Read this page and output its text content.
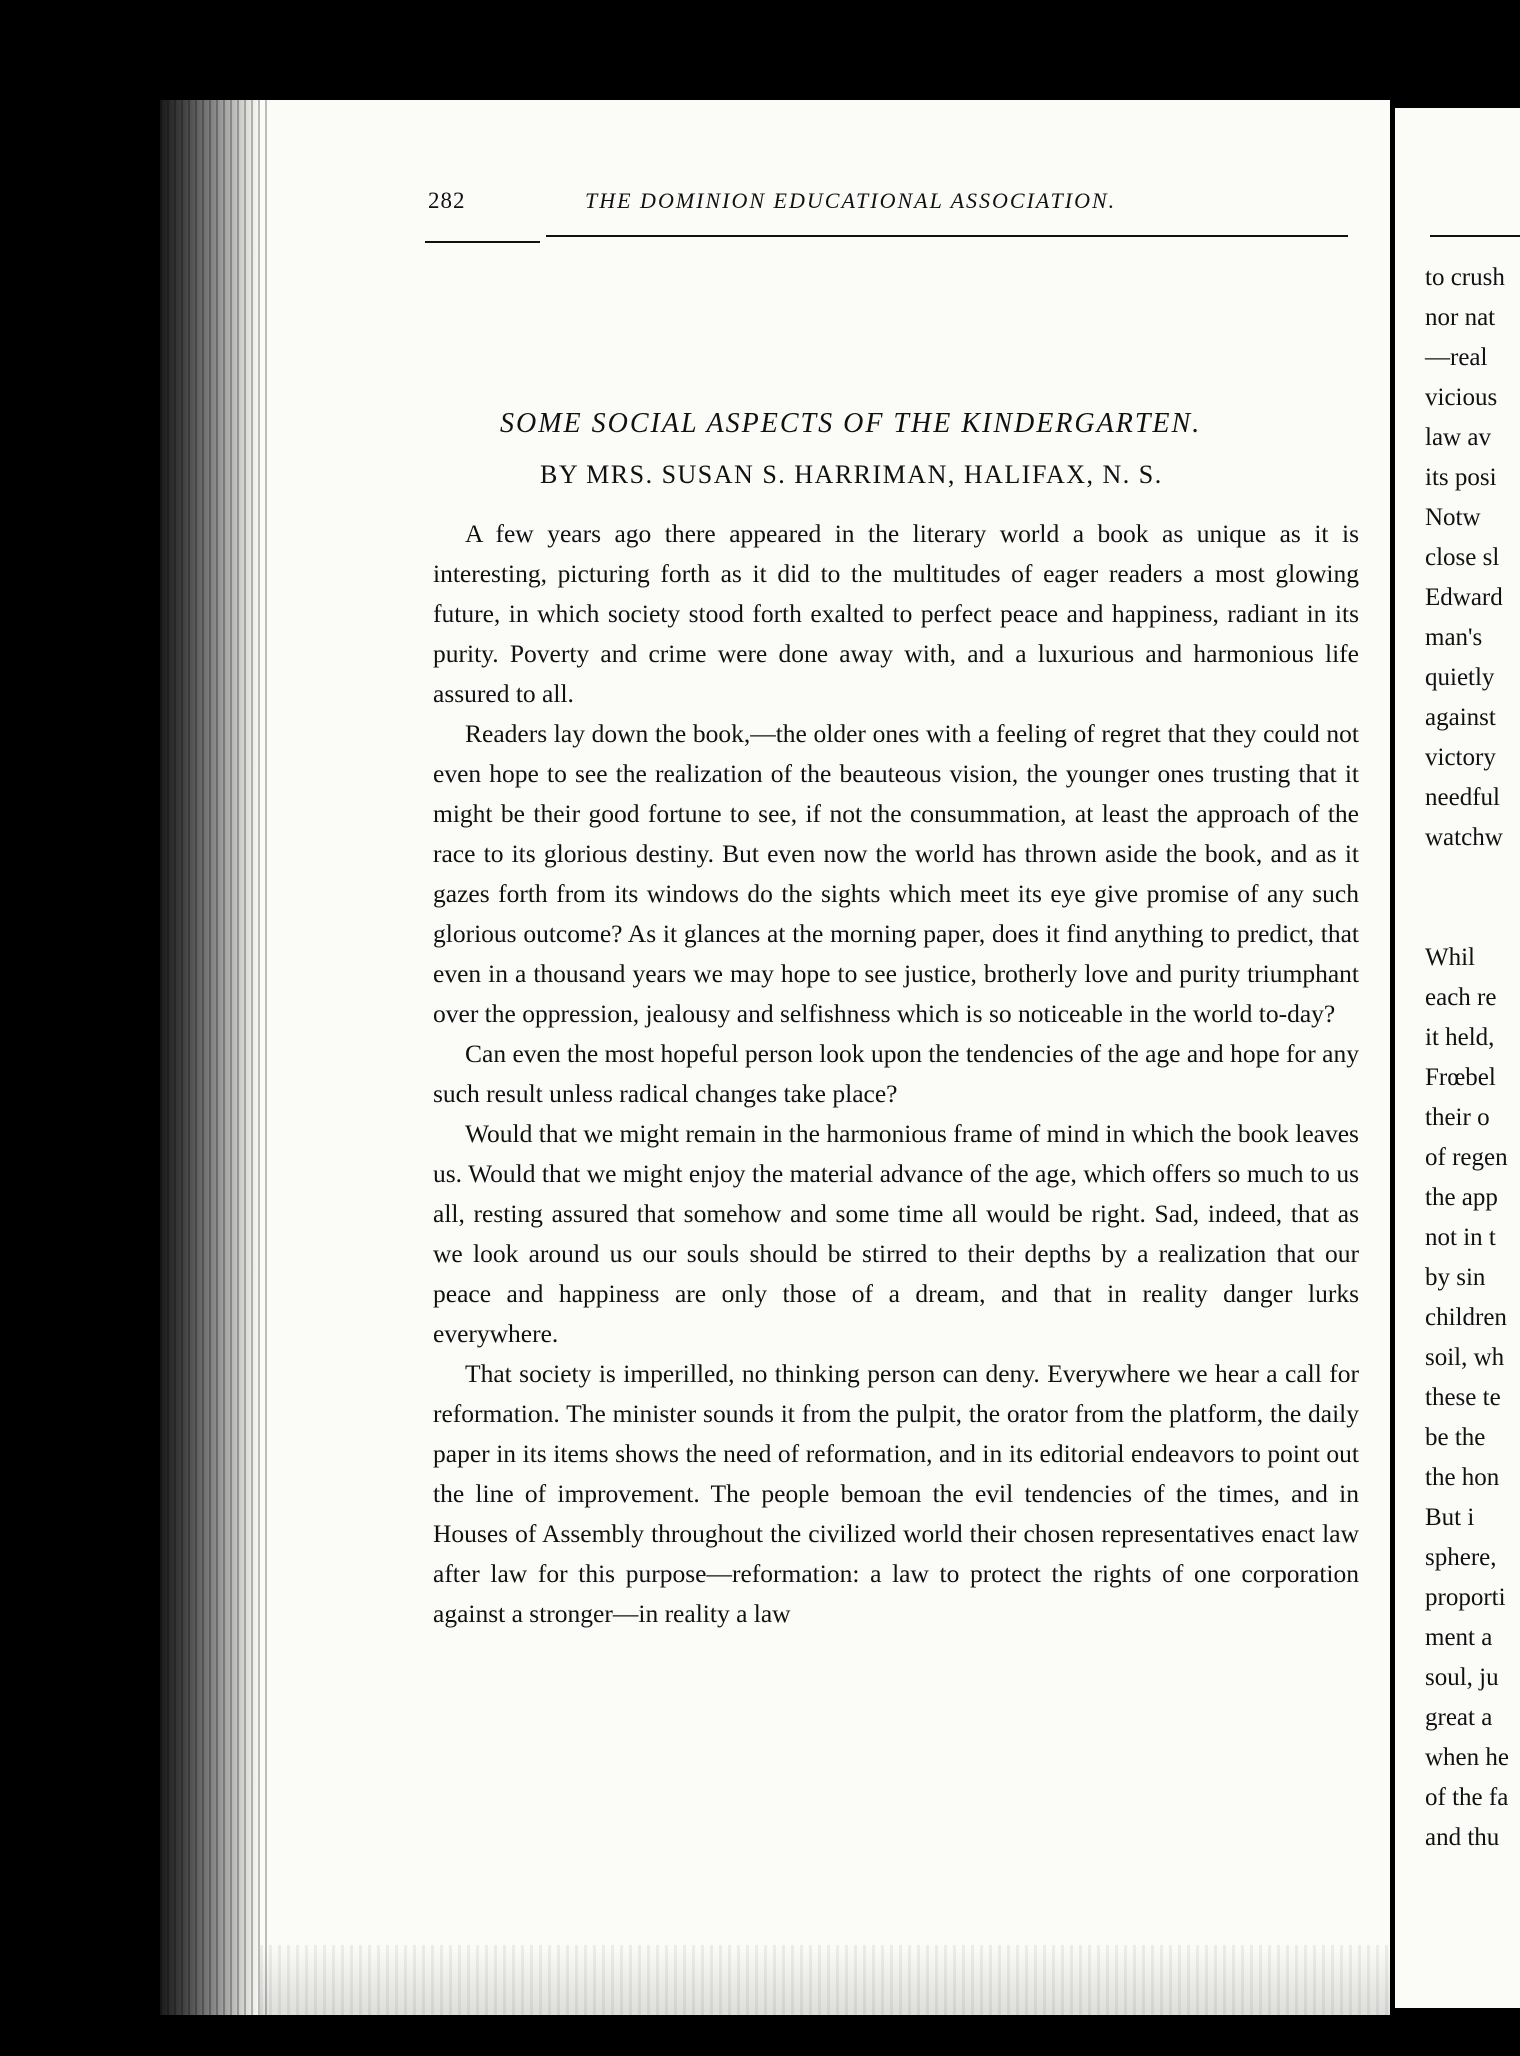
282	THE DOMINION EDUCATIONAL ASSOCIATION.
SOME SOCIAL ASPECTS OF THE KINDERGARTEN.
BY MRS. SUSAN S. HARRIMAN, HALIFAX, N. S.

A few years ago there appeared in the literary world a book as unique as it is interesting, picturing forth as it did to the multitudes of eager readers a most glowing future, in which society stood forth exalted to perfect peace and happiness, radiant in its purity. Poverty and crime were done away with, and a luxurious and harmonious life assured to all.

Readers lay down the book,—the older ones with a feeling of regret that they could not even hope to see the realization of the beauteous vision, the younger ones trusting that it might be their good fortune to see, if not the consummation, at least the approach of the race to its glorious destiny. But even now the world has thrown aside the book, and as it gazes forth from its windows do the sights which meet its eye give promise of any such glorious outcome? As it glances at the morning paper, does it find anything to predict, that even in a thousand years we may hope to see justice, brotherly love and purity triumphant over the oppression, jealousy and selfishness which is so noticeable in the world to-day?

Can even the most hopeful person look upon the tendencies of the age and hope for any such result unless radical changes take place?

Would that we might remain in the harmonious frame of mind in which the book leaves us. Would that we might enjoy the material advance of the age, which offers so much to us all, resting assured that somehow and some time all would be right. Sad, indeed, that as we look around us our souls should be stirred to their depths by a realization that our peace and happiness are only those of a dream, and that in reality danger lurks everywhere.

That society is imperilled, no thinking person can deny. Everywhere we hear a call for reformation. The minister sounds it from the pulpit, the orator from the platform, the daily paper in its items shows the need of reformation, and in its editorial endeavors to point out the line of improvement. The people bemoan the evil tendencies of the times, and in Houses of Assembly throughout the civilized world their chosen representatives enact law after law for this purpose—reformation: a law to protect the rights of one corporation against a stronger—in reality a law

to crush
nor nat
—real
vicious
law av
its posi
Notw
close sl
Edward
man's
quietly
against
victory
needful
watchw
Whil
each re
it held,
Frœbel
their o
of regen
the app
not in t
by sin
children
soil, wh
these te
be the
the hon
But i
sphere,
proporti
ment a
soul, ju
great a
when he
of the fa
and thu
